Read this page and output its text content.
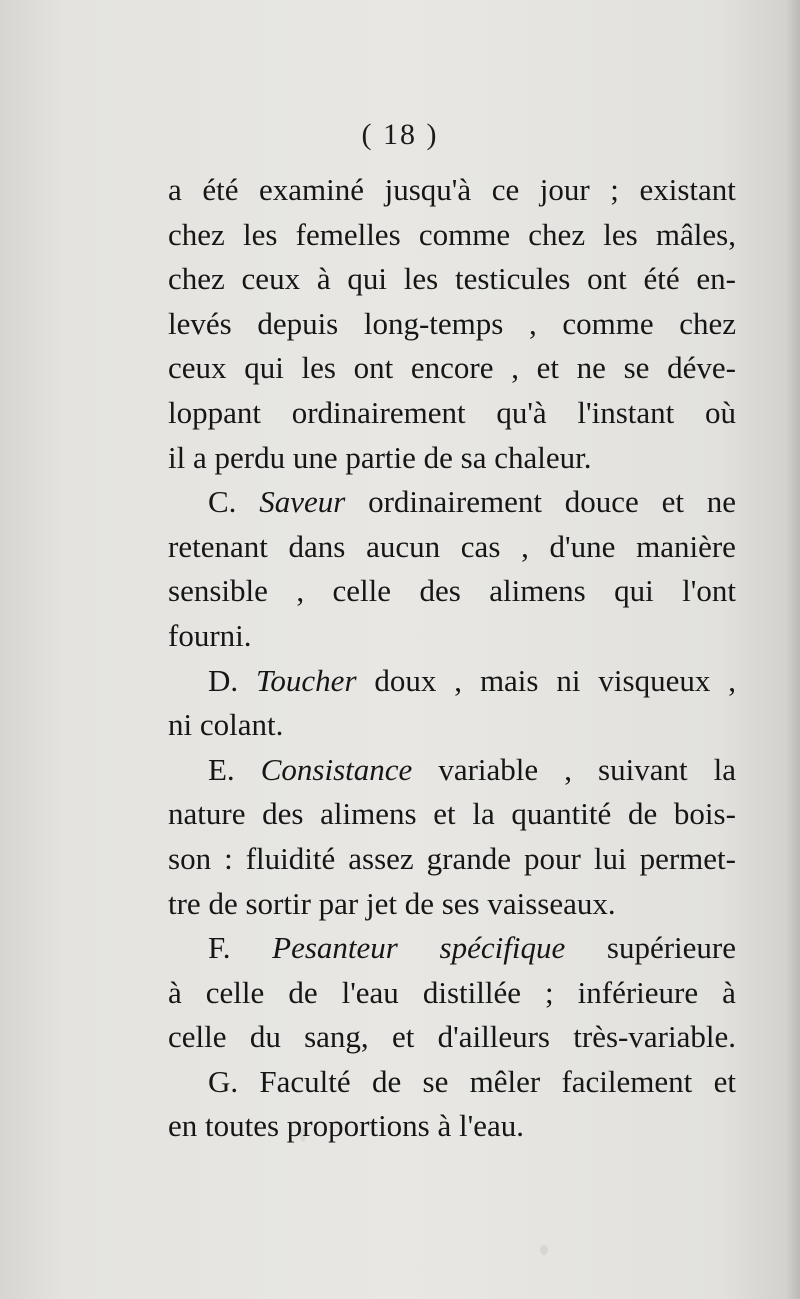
( 18 )
a été examiné jusqu'à ce jour ; existant
chez les femelles comme chez les mâles,
chez ceux à qui les testicules ont été en-
levés depuis long-temps , comme chez
ceux qui les ont encore , et ne se déve-
loppant ordinairement qu'à l'instant où
il a perdu une partie de sa chaleur.
C. Saveur ordinairement douce et ne
retenant dans aucun cas , d'une manière
sensible , celle des alimens qui l'ont
fourni.
D. Toucher doux , mais ni visqueux ,
ni colant.
E. Consistance variable , suivant la
nature des alimens et la quantité de bois-
son : fluidité assez grande pour lui permet-
tre de sortir par jet de ses vaisseaux.
F. Pesanteur spécifique supérieure
à celle de l'eau distillée ; inférieure à
celle du sang, et d'ailleurs très-variable.
G. Faculté de se mêler facilement et
en toutes proportions à l'eau.
